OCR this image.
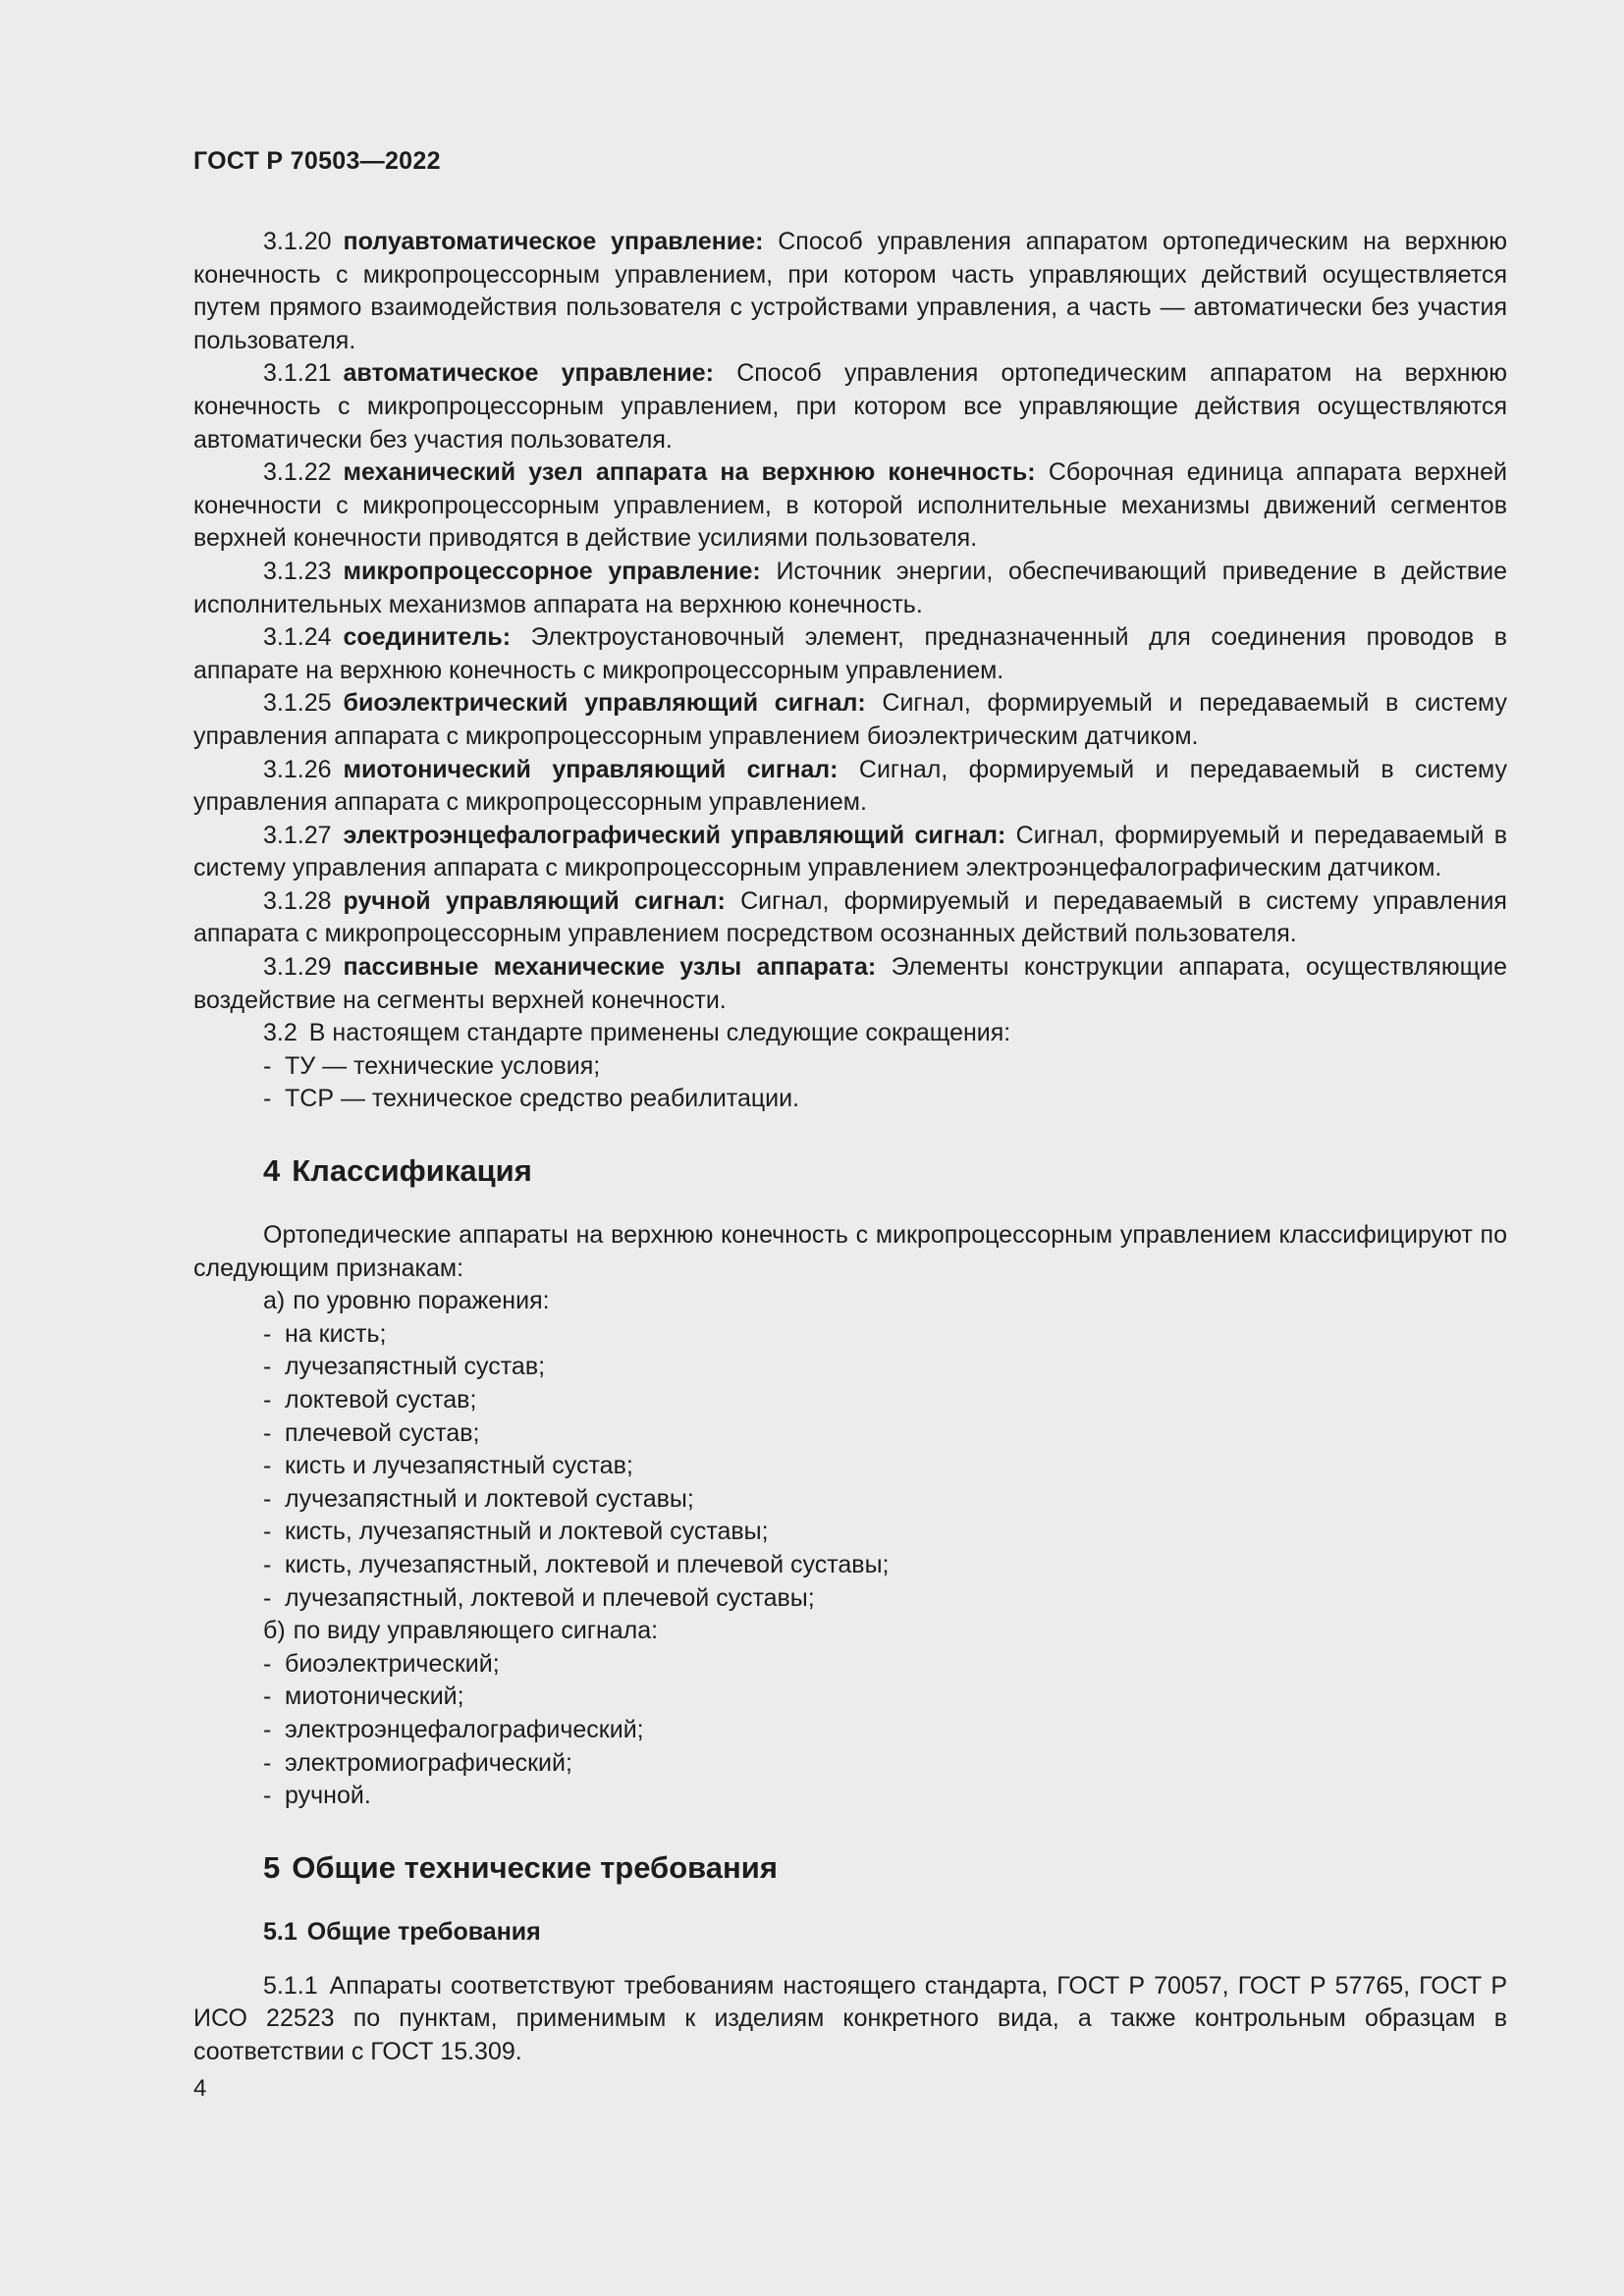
ГОСТ Р 70503—2022

3.1.20 полуавтоматическое управление: Способ управления аппаратом ортопедическим на верхнюю конечность с микропроцессорным управлением, при котором часть управляющих действий осуществляется путем прямого взаимодействия пользователя с устройствами управления, а часть — автоматически без участия пользователя.

3.1.21 автоматическое управление: Способ управления ортопедическим аппаратом на верхнюю конечность с микропроцессорным управлением, при котором все управляющие действия осуществляются автоматически без участия пользователя.

3.1.22 механический узел аппарата на верхнюю конечность: Сборочная единица аппарата верхней конечности с микропроцессорным управлением, в которой исполнительные механизмы движений сегментов верхней конечности приводятся в действие усилиями пользователя.

3.1.23 микропроцессорное управление: Источник энергии, обеспечивающий приведение в действие исполнительных механизмов аппарата на верхнюю конечность.

3.1.24 соединитель: Электроустановочный элемент, предназначенный для соединения проводов в аппарате на верхнюю конечность с микропроцессорным управлением.

3.1.25 биоэлектрический управляющий сигнал: Сигнал, формируемый и передаваемый в систему управления аппарата с микропроцессорным управлением биоэлектрическим датчиком.

3.1.26 миотонический управляющий сигнал: Сигнал, формируемый и передаваемый в систему управления аппарата с микропроцессорным управлением.

3.1.27 электроэнцефалографический управляющий сигнал: Сигнал, формируемый и передаваемый в систему управления аппарата с микропроцессорным управлением электроэнцефалографическим датчиком.

3.1.28 ручной управляющий сигнал: Сигнал, формируемый и передаваемый в систему управления аппарата с микропроцессорным управлением посредством осознанных действий пользователя.

3.1.29 пассивные механические узлы аппарата: Элементы конструкции аппарата, осуществляющие воздействие на сегменты верхней конечности.

3.2 В настоящем стандарте применены следующие сокращения:

- ТУ — технические условия;

- ТСР — техническое средство реабилитации.

4 Классификация

Ортопедические аппараты на верхнюю конечность с микропроцессорным управлением классифицируют по следующим признакам:

а) по уровню поражения:

- на кисть;

- лучезапястный сустав;

- локтевой сустав;

- плечевой сустав;

- кисть и лучезапястный сустав;

- лучезапястный и локтевой суставы;

- кисть, лучезапястный и локтевой суставы;

- кисть, лучезапястный, локтевой и плечевой суставы;

- лучезапястный, локтевой и плечевой суставы;

б) по виду управляющего сигнала:

- биоэлектрический;

- миотонический;

- электроэнцефалографический;

- электромиографический;

- ручной.

5 Общие технические требования
5.1 Общие требования

5.1.1 Аппараты соответствуют требованиям настоящего стандарта, ГОСТ Р 70057, ГОСТ Р 57765, ГОСТ Р ИСО 22523 по пунктам, применимым к изделиям конкретного вида, а также контрольным образцам в соответствии с ГОСТ 15.309.

4
